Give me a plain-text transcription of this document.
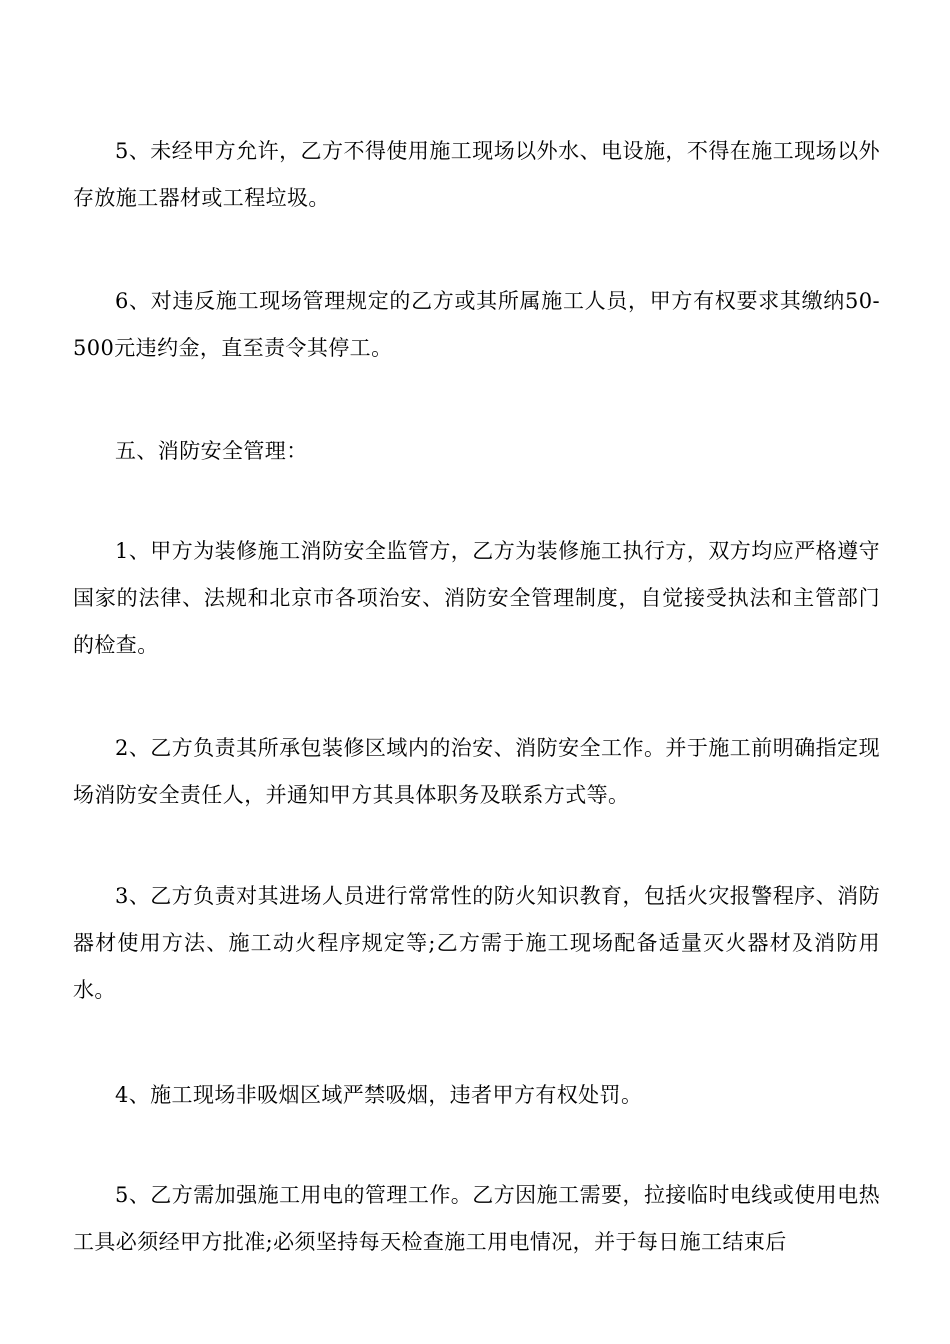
5、未经甲方允许，乙方不得使用施工现场以外水、电设施，不得在施工现场以外存放施工器材或工程垃圾。

6、对违反施工现场管理规定的乙方或其所属施工人员，甲方有权要求其缴纳50-500元违约金，直至责令其停工。

五、消防安全管理：

1、甲方为装修施工消防安全监管方，乙方为装修施工执行方，双方均应严格遵守国家的法律、法规和北京市各项治安、消防安全管理制度，自觉接受执法和主管部门的检查。

2、乙方负责其所承包装修区域内的治安、消防安全工作。并于施工前明确指定现场消防安全责任人，并通知甲方其具体职务及联系方式等。

3、乙方负责对其进场人员进行常常性的防火知识教育，包括火灾报警程序、消防器材使用方法、施工动火程序规定等;乙方需于施工现场配备适量灭火器材及消防用水。

4、施工现场非吸烟区域严禁吸烟，违者甲方有权处罚。

5、乙方需加强施工用电的管理工作。乙方因施工需要，拉接临时电线或使用电热工具必须经甲方批准;必须坚持每天检查施工用电情况，并于每日施工结束后
